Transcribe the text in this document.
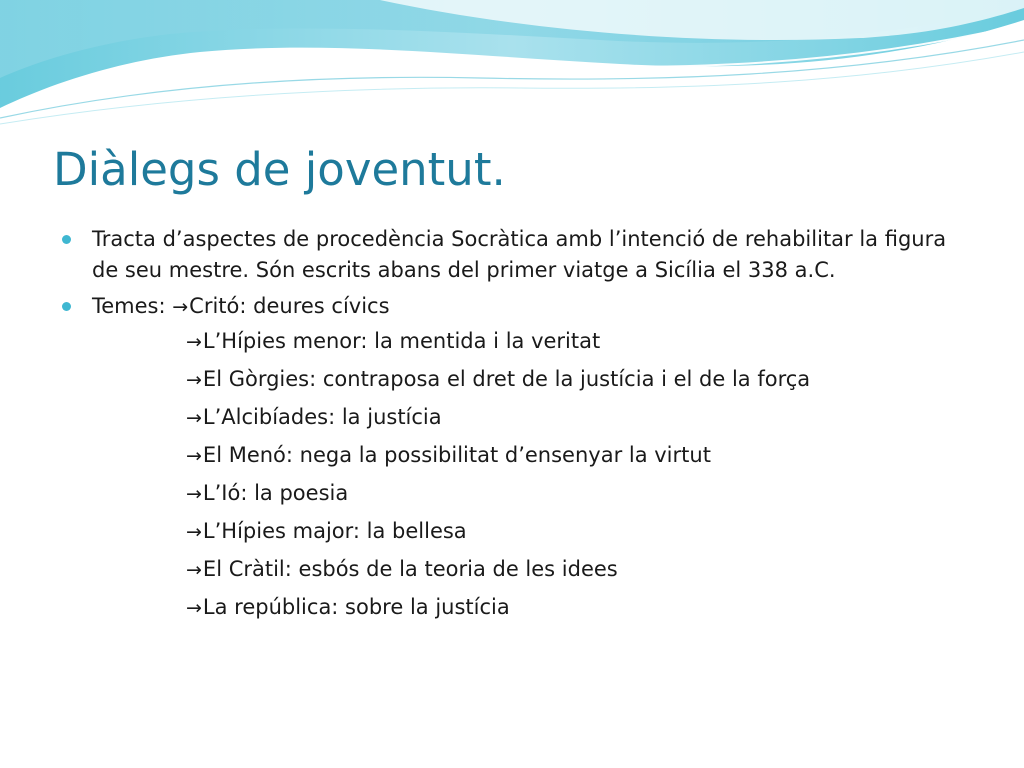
Diàlegs de joventut.
Tracta d’aspectes de procedència Socràtica amb l’intenció de rehabilitar la figura de seu mestre. Són escrits abans del primer viatge a Sicília el 338 a.C.
Temes: →Critó: deures cívics
→L’Hípies menor: la mentida i la veritat
→El Gòrgies: contraposa el dret de la justícia i el de la força
→L’Alcibíades: la justícia
→El Menó: nega la possibilitat d’ensenyar la virtut
→L’Ió: la poesia
→L’Hípies major: la bellesa
→El Cràtil: esbós de la teoria de les idees
→La república: sobre la justícia
